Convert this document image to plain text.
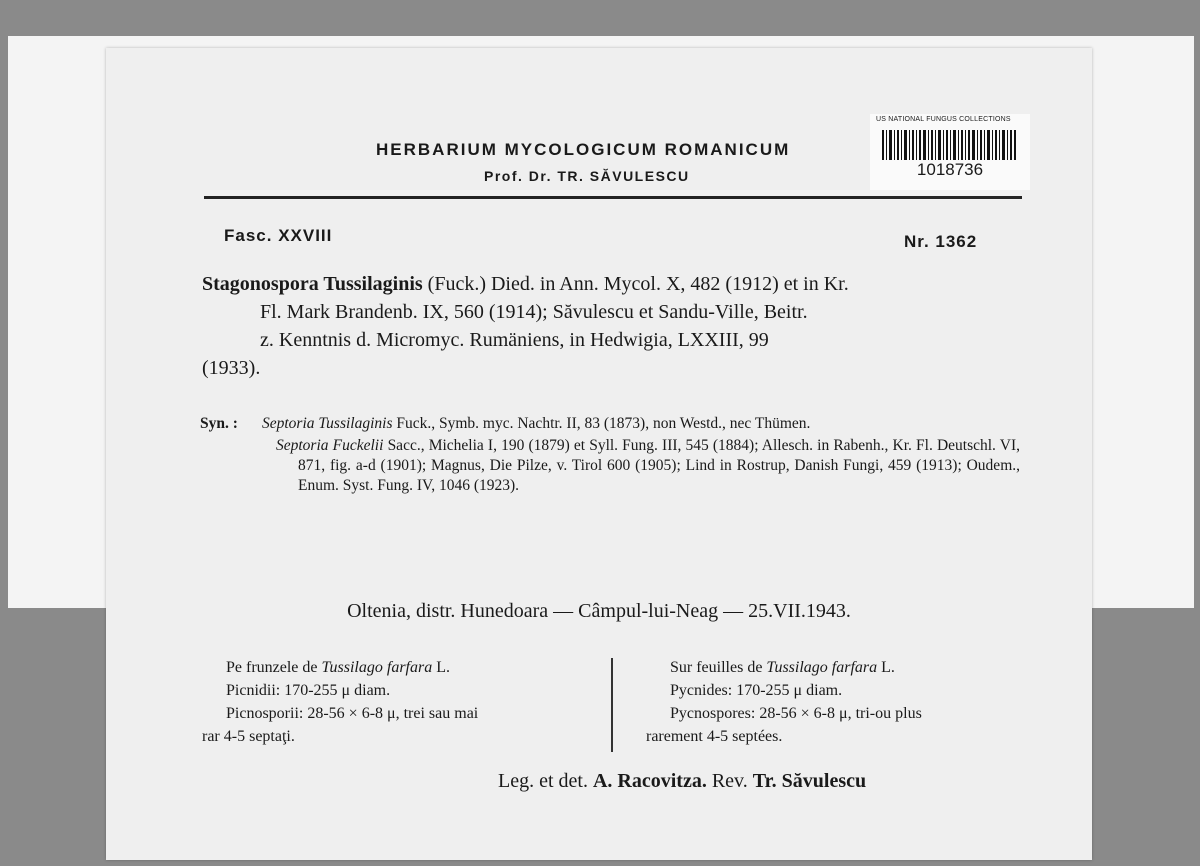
HERBARIUM MYCOLOGICUM ROMANICUM
Prof. Dr. TR. SĂVULESCU
US NATIONAL FUNGUS COLLECTIONS
1018736
Fasc. XXVIII	Nr. 1362
Stagonospora Tussilaginis (Fuck.) Died. in Ann. Mycol. X, 482 (1912) et in Kr.
Fl. Mark Brandenb. IX, 560 (1914); Săvulescu et Sandu-Ville, Beitr.
z. Kenntnis d. Micromyc. Rumäniens, in Hedwigia, LXXIII, 99
(1933).
Syn. :	Septoria Tussilaginis Fuck., Symb. myc. Nachtr. II, 83 (1873), non Westd., nec Thümen.
Septoria Fuckelii Sacc., Michelia I, 190 (1879) et Syll. Fung. III, 545 (1884); Allesch. in Rabenh., Kr. Fl. Deutschl. VI, 871, fig. a-d (1901); Magnus, Die Pilze, v. Tirol 600 (1905); Lind in Rostrup, Danish Fungi, 459 (1913); Oudem., Enum. Syst. Fung. IV, 1046 (1923).
Oltenia, distr. Hunedoara — Câmpul-lui-Neag — 25.VII.1943.
Pe frunzele de Tussilago farfara L.
Picnidii: 170-255 μ diam.
Picnosporii: 28-56 × 6-8 μ, trei sau mai
rar 4-5 septaţi.
Sur feuilles de Tussilago farfara L.
Pycnides: 170-255 μ diam.
Pycnospores: 28-56 × 6-8 μ, tri-ou plus
rarement 4-5 septées.
Leg. et det. A. Racovitza. Rev. Tr. Săvulescu
